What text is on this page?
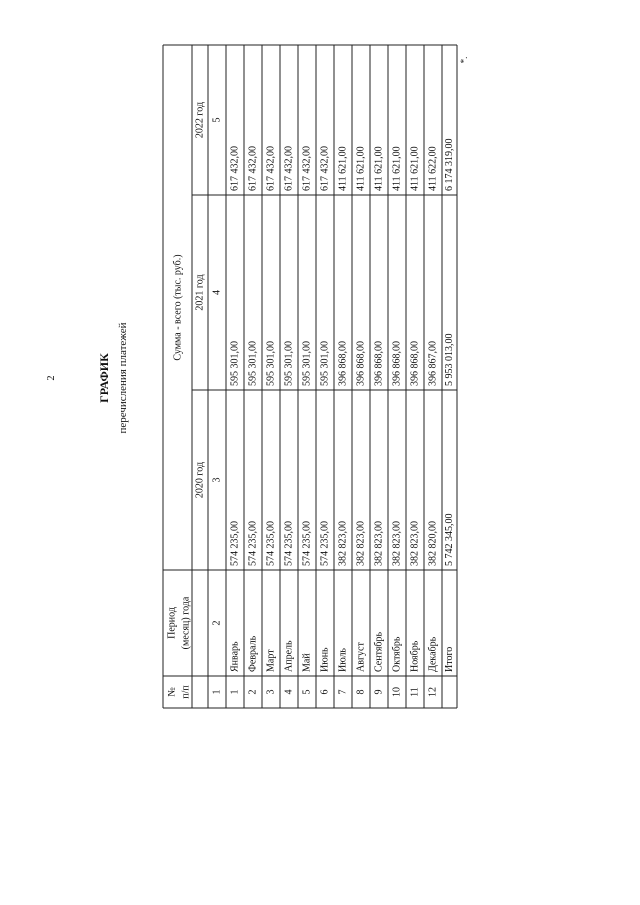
2	ГРАФИК перечисления платежей
*.
№ п/п
Период (месяц) года
Сумма - всего (тыс. руб.)
2020 год
2021 год
2022 год
1
2
3
4
5
1
Январь
574 235,00
595 301,00
617 432,00
2
Февраль
574 235,00
595 301,00
617 432,00
3
Март
574 235,00
595 301,00
617 432,00
4
Апрель
574 235,00
595 301,00
617 432,00
5
Май
574 235,00
595 301,00
617 432,00
6
Июнь
574 235,00
595 301,00
617 432,00
7
Июль
382 823,00
396 868,00
411 621,00
8
Август
382 823,00
396 868,00
411 621,00
9
Сентябрь
382 823,00
396 868,00
411 621,00
10
Октябрь
382 823,00
396 868,00
411 621,00
11
Ноябрь
382 823,00
396 868,00
411 621,00
12
Декабрь
382 820,00
396 867,00
411 622,00
Итого
5 742 345,00
5 953 013,00
6 174 319,00
